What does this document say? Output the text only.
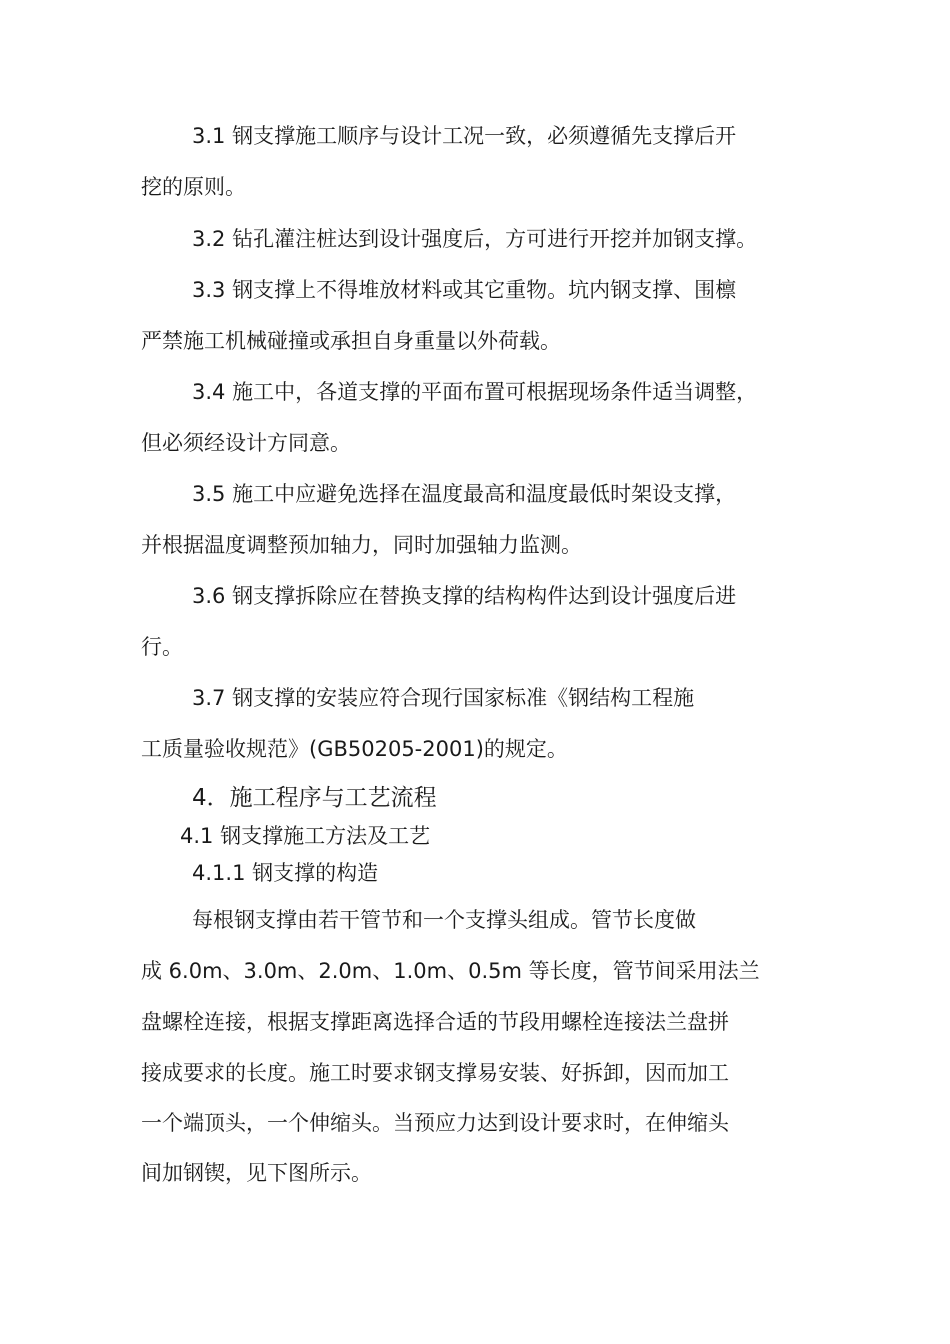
3.1 钢支撑施工顺序与设计工况一致，必须遵循先支撑后开
挖的原则。
3.2 钻孔灌注桩达到设计强度后，方可进行开挖并加钢支撑。
3.3 钢支撑上不得堆放材料或其它重物。坑内钢支撑、围檩
严禁施工机械碰撞或承担自身重量以外荷载。
3.4 施工中，各道支撑的平面布置可根据现场条件适当调整，
但必须经设计方同意。
3.5 施工中应避免选择在温度最高和温度最低时架设支撑，
并根据温度调整预加轴力，同时加强轴力监测。
3.6 钢支撑拆除应在替换支撑的结构构件达到设计强度后进
行。
3.7 钢支撑的安装应符合现行国家标准《钢结构工程施
工质量验收规范》(GB50205-2001)的规定。
4．施工程序与工艺流程
4.1 钢支撑施工方法及工艺
4.1.1 钢支撑的构造
每根钢支撑由若干管节和一个支撑头组成。管节长度做
成 6.0m、3.0m、2.0m、1.0m、0.5m 等长度，管节间采用法兰
盘螺栓连接，根据支撑距离选择合适的节段用螺栓连接法兰盘拼
接成要求的长度。施工时要求钢支撑易安装、好拆卸，因而加工
一个端顶头，一个伸缩头。当预应力达到设计要求时，在伸缩头
间加钢锲，见下图所示。
